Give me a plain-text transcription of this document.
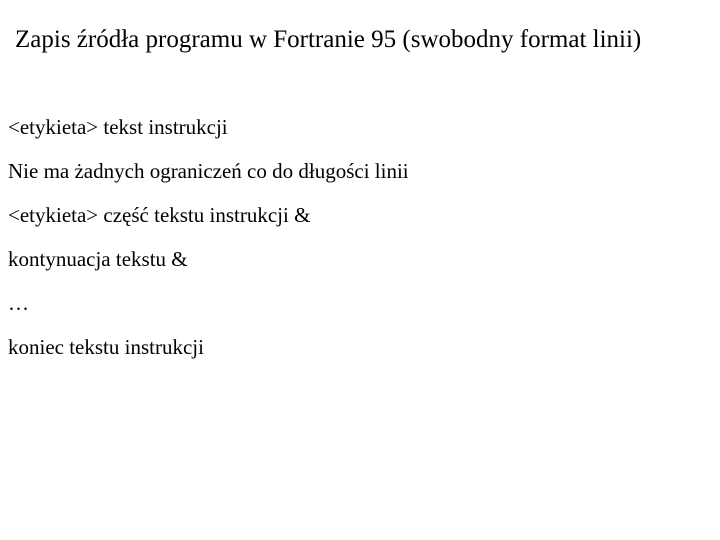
Zapis źródła programu w Fortranie 95 (swobodny format linii)
<etykieta> tekst instrukcji
Nie ma żadnych ograniczeń co do długości linii
<etykieta> część tekstu instrukcji &
kontynuacja tekstu &
…
koniec tekstu instrukcji
